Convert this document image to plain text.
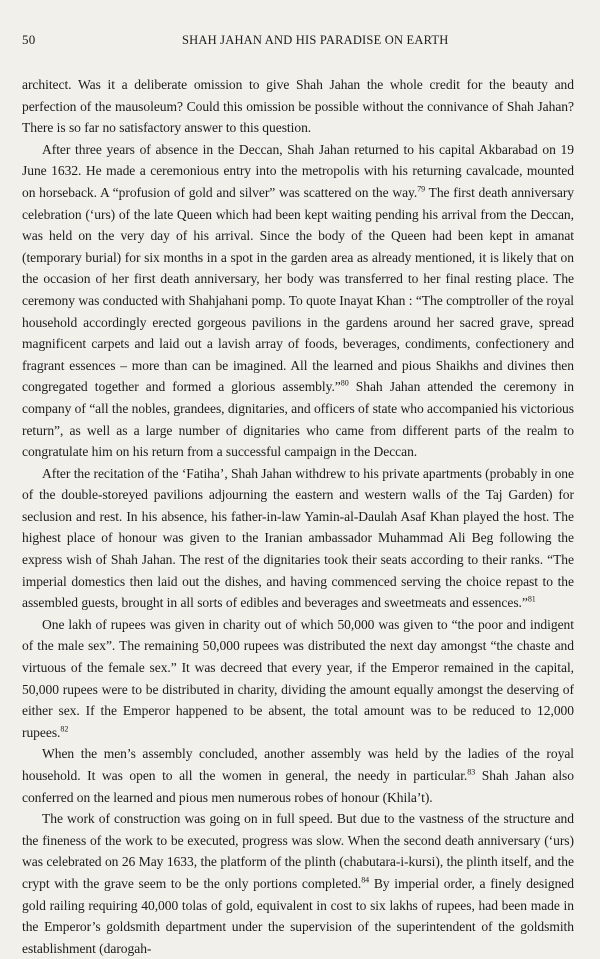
50	SHAH JAHAN AND HIS PARADISE ON EARTH

architect. Was it a deliberate omission to give Shah Jahan the whole credit for the beauty and perfection of the mausoleum? Could this omission be possible without the connivance of Shah Jahan? There is so far no satisfactory answer to this question.

After three years of absence in the Deccan, Shah Jahan returned to his capital Akbarabad on 19 June 1632. He made a ceremonious entry into the metropolis with his returning cavalcade, mounted on horseback. A “profusion of gold and silver” was scattered on the way.$^{79}$ The first death anniversary celebration (‘urs) of the late Queen which had been kept waiting pending his arrival from the Deccan, was held on the very day of his arrival. Since the body of the Queen had been kept in amanat (temporary burial) for six months in a spot in the garden area as already mentioned, it is likely that on the occasion of her first death anniversary, her body was transferred to her final resting place. The ceremony was conducted with Shahjahani pomp. To quote Inayat Khan : “The comptroller of the royal household accordingly erected gorgeous pavilions in the gardens around her sacred grave, spread magnificent carpets and laid out a lavish array of foods, beverages, condiments, confectionery and fragrant essences – more than can be imagined. All the learned and pious Shaikhs and divines then congregated together and formed a glorious assembly.”$^{80}$ Shah Jahan attended the ceremony in company of “all the nobles, grandees, dignitaries, and officers of state who accompanied his victorious return”, as well as a large number of dignitaries who came from different parts of the realm to congratulate him on his return from a successful campaign in the Deccan.

After the recitation of the ‘Fatiha’, Shah Jahan withdrew to his private apartments (probably in one of the double-storeyed pavilions adjourning the eastern and western walls of the Taj Garden) for seclusion and rest. In his absence, his father-in-law Yamin-al-Daulah Asaf Khan played the host. The highest place of honour was given to the Iranian ambassador Muhammad Ali Beg following the express wish of Shah Jahan. The rest of the dignitaries took their seats according to their ranks. “The imperial domestics then laid out the dishes, and having commenced serving the choice repast to the assembled guests, brought in all sorts of edibles and beverages and sweetmeats and essences.”$^{81}$

One lakh of rupees was given in charity out of which 50,000 was given to “the poor and indigent of the male sex”. The remaining 50,000 rupees was distributed the next day amongst “the chaste and virtuous of the female sex.” It was decreed that every year, if the Emperor remained in the capital, 50,000 rupees were to be distributed in charity, dividing the amount equally amongst the deserving of either sex. If the Emperor happened to be absent, the total amount was to be reduced to 12,000 rupees.$^{82}$

When the men’s assembly concluded, another assembly was held by the ladies of the royal household. It was open to all the women in general, the needy in particular.$^{83}$ Shah Jahan also conferred on the learned and pious men numerous robes of honour (Khila’t).

The work of construction was going on in full speed. But due to the vastness of the structure and the fineness of the work to be executed, progress was slow. When the second death anniversary (‘urs) was celebrated on 26 May 1633, the platform of the plinth (chabutara-i-kursi), the plinth itself, and the crypt with the grave seem to be the only portions completed.$^{84}$ By imperial order, a finely designed gold railing requiring 40,000 tolas of gold, equivalent in cost to six lakhs of rupees, had been made in the Emperor’s goldsmith department under the supervision of the superintendent of the goldsmith establishment (darogah-
